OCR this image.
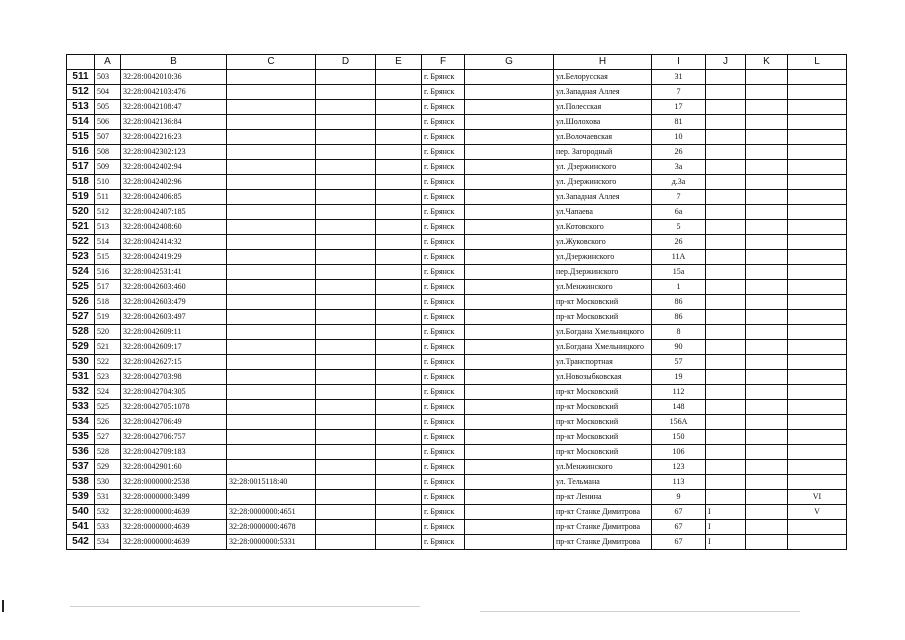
	A	B	C	D	E	F	G	H	I	J	K	L
511	503	32:28:0042010:36				г. Брянск		ул.Белорусская	31			
512	504	32:28:0042103:476				г. Брянск		ул.Западная Аллея	7			
513	505	32:28:0042108:47				г. Брянск		ул.Полесская	17			
514	506	32:28:0042136:84				г. Брянск		ул.Шолохова	81			
515	507	32:28:0042216:23				г. Брянск		ул.Волочаевская	10			
516	508	32:28:0042302:123				г. Брянск		пер. Загородный	26			
517	509	32:28:0042402:94				г. Брянск		ул. Дзержинского	3а			
518	510	32:28:0042402:96				г. Брянск		ул. Дзержинского	д.3а			
519	511	32:28:0042406:85				г. Брянск		ул.Западная Аллея	7			
520	512	32:28:0042407:185				г. Брянск		ул.Чапаева	6а			
521	513	32:28:0042408:60				г. Брянск		ул.Котовского	5			
522	514	32:28:0042414:32				г. Брянск		ул.Жуковского	26			
523	515	32:28:0042419:29				г. Брянск		ул.Дзержинского	11А			
524	516	32:28:0042531:41				г. Брянск		пер.Дзержинского	15а			
525	517	32:28:0042603:460				г. Брянск		ул.Менжинского	1			
526	518	32:28:0042603:479				г. Брянск		пр-кт Московский	86			
527	519	32:28:0042603:497				г. Брянск		пр-кт Московский	86			
528	520	32:28:0042609:11				г. Брянск		ул.Богдана Хмельницкого	8			
529	521	32:28:0042609:17				г. Брянск		ул.Богдана Хмельницкого	90			
530	522	32:28:0042627:15				г. Брянск		ул.Транспортная	57			
531	523	32:28:0042703:98				г. Брянск		ул.Новозыбковская	19			
532	524	32:28:0042704:305				г. Брянск		пр-кт Московский	112			
533	525	32:28:0042705:1078				г. Брянск		пр-кт Московский	148			
534	526	32:28:0042706:49				г. Брянск		пр-кт Московский	156А			
535	527	32:28:0042706:757				г. Брянск		пр-кт Московский	150			
536	528	32:28:0042709:183				г. Брянск		пр-кт Московский	106			
537	529	32:28:0042901:60				г. Брянск		ул.Менжинского	123			
538	530	32:28:0000000:2538	32:28:0015118:40			г. Брянск		ул. Тельмана	113			
539	531	32:28:0000000:3499				г. Брянск		пр-кт Ленина	9			VI
540	532	32:28:0000000:4639	32:28:0000000:4651			г. Брянск		пр-кт Станке Димитрова	67	I		V
541	533	32:28:0000000:4639	32:28:0000000:4678			г. Брянск		пр-кт Станке Димитрова	67	I		
542	534	32:28:0000000:4639	32:28:0000000:5331			г. Брянск		пр-кт Станке Димитрова	67	I		
